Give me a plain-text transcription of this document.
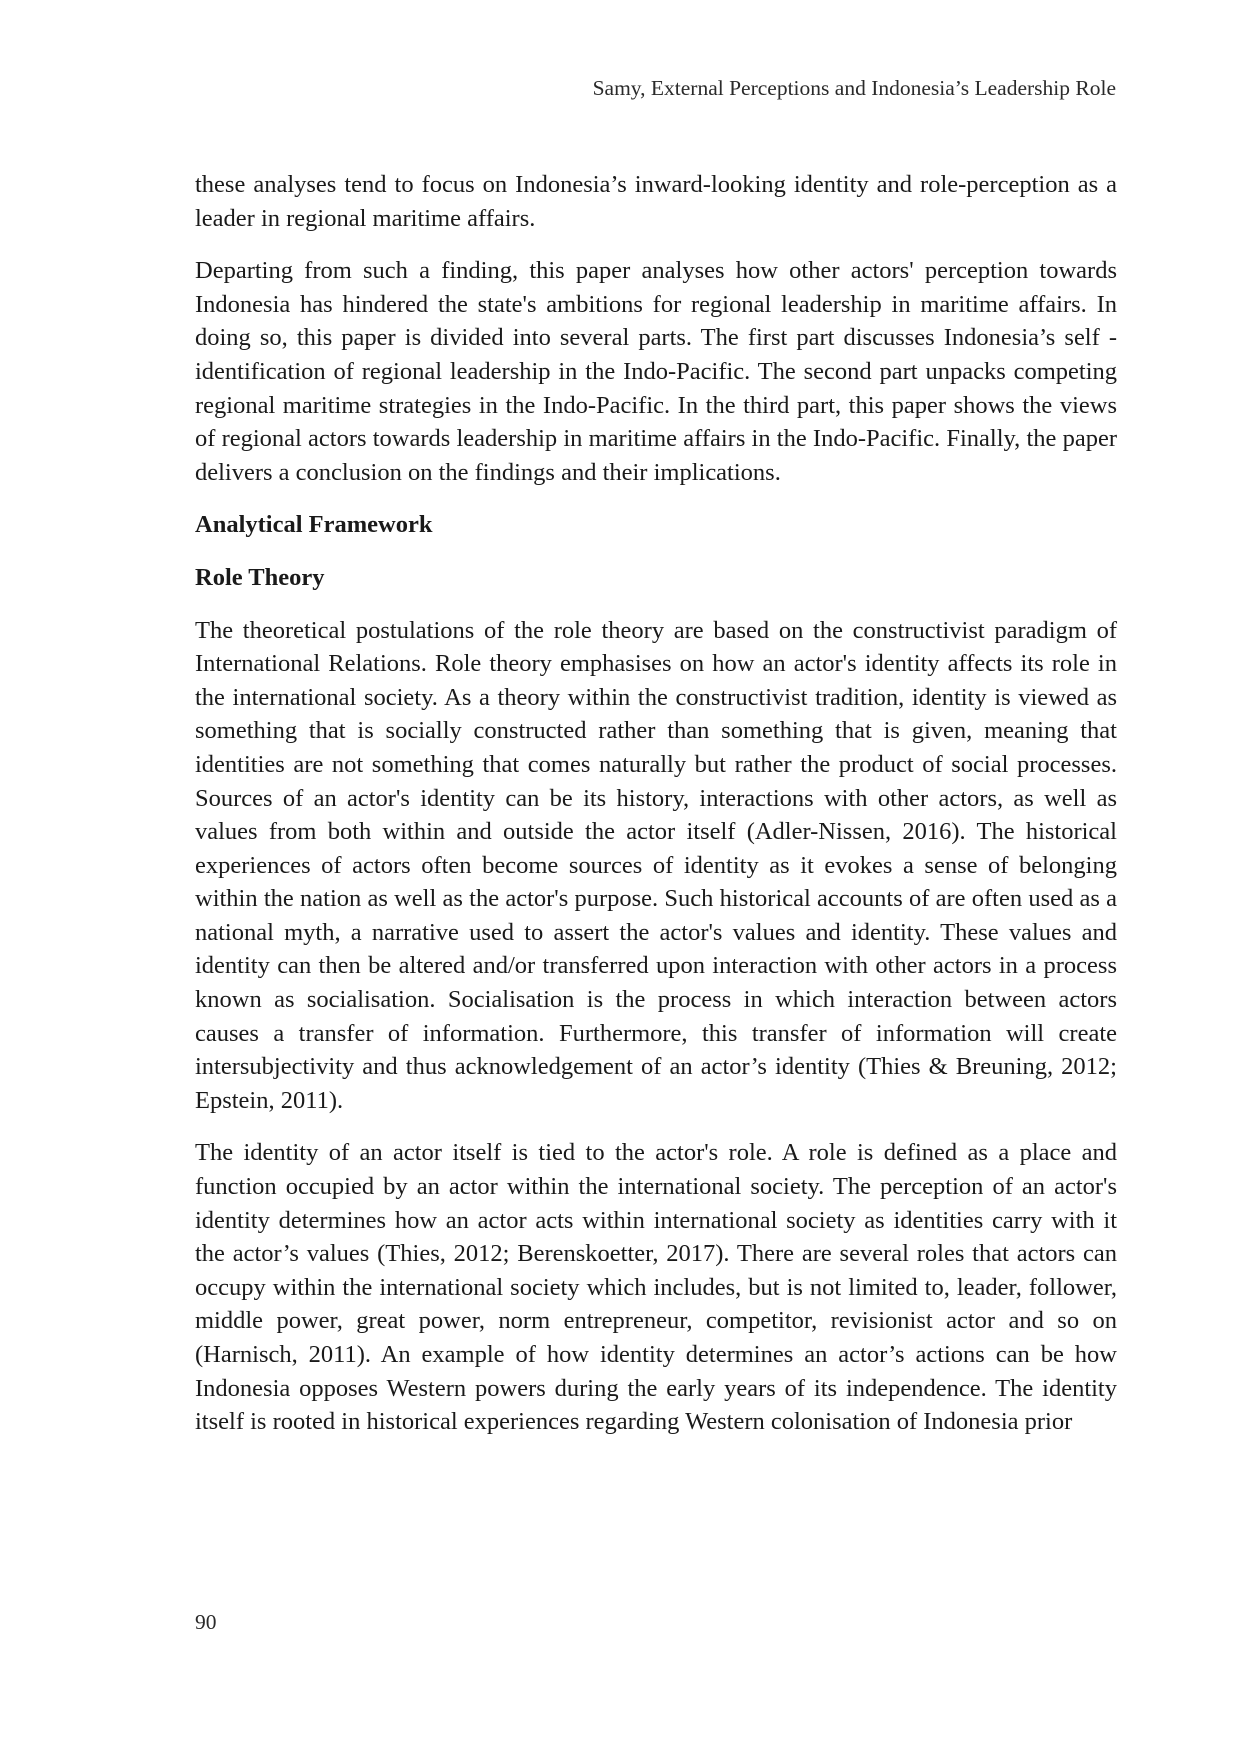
Samy, External Perceptions and Indonesia’s Leadership Role

these analyses tend to focus on Indonesia’s inward-looking identity and role-perception as a leader in regional maritime affairs.

Departing from such a finding, this paper analyses how other actors' perception towards Indonesia has hindered the state's ambitions for regional leadership in maritime affairs. In doing so, this paper is divided into several parts. The first part discusses Indonesia’s self -identification of regional leadership in the Indo-Pacific. The second part unpacks competing regional maritime strategies in the Indo-Pacific. In the third part, this paper shows the views of regional actors towards leadership in maritime affairs in the Indo-Pacific. Finally, the paper delivers a conclusion on the findings and their implications.

Analytical Framework
Role Theory

The theoretical postulations of the role theory are based on the constructivist paradigm of International Relations. Role theory emphasises on how an actor's identity affects its role in the international society. As a theory within the constructivist tradition, identity is viewed as something that is socially constructed rather than something that is given, meaning that identities are not something that comes naturally but rather the product of social processes. Sources of an actor's identity can be its history, interactions with other actors, as well as values from both within and outside the actor itself (Adler-Nissen, 2016). The historical experiences of actors often become sources of identity as it evokes a sense of belonging within the nation as well as the actor's purpose. Such historical accounts of are often used as a national myth, a narrative used to assert the actor's values and identity. These values and identity can then be altered and/or transferred upon interaction with other actors in a process known as socialisation. Socialisation is the process in which interaction between actors causes a transfer of information. Furthermore, this transfer of information will create intersubjectivity and thus acknowledgement of an actor’s identity (Thies & Breuning, 2012; Epstein, 2011).

The identity of an actor itself is tied to the actor's role. A role is defined as a place and function occupied by an actor within the international society. The perception of an actor's identity determines how an actor acts within international society as identities carry with it the actor’s values (Thies, 2012; Berenskoetter, 2017). There are several roles that actors can occupy within the international society which includes, but is not limited to, leader, follower, middle power, great power, norm entrepreneur, competitor, revisionist actor and so on (Harnisch, 2011). An example of how identity determines an actor’s actions can be how Indonesia opposes Western powers during the early years of its independence. The identity itself is rooted in historical experiences regarding Western colonisation of Indonesia prior

90
